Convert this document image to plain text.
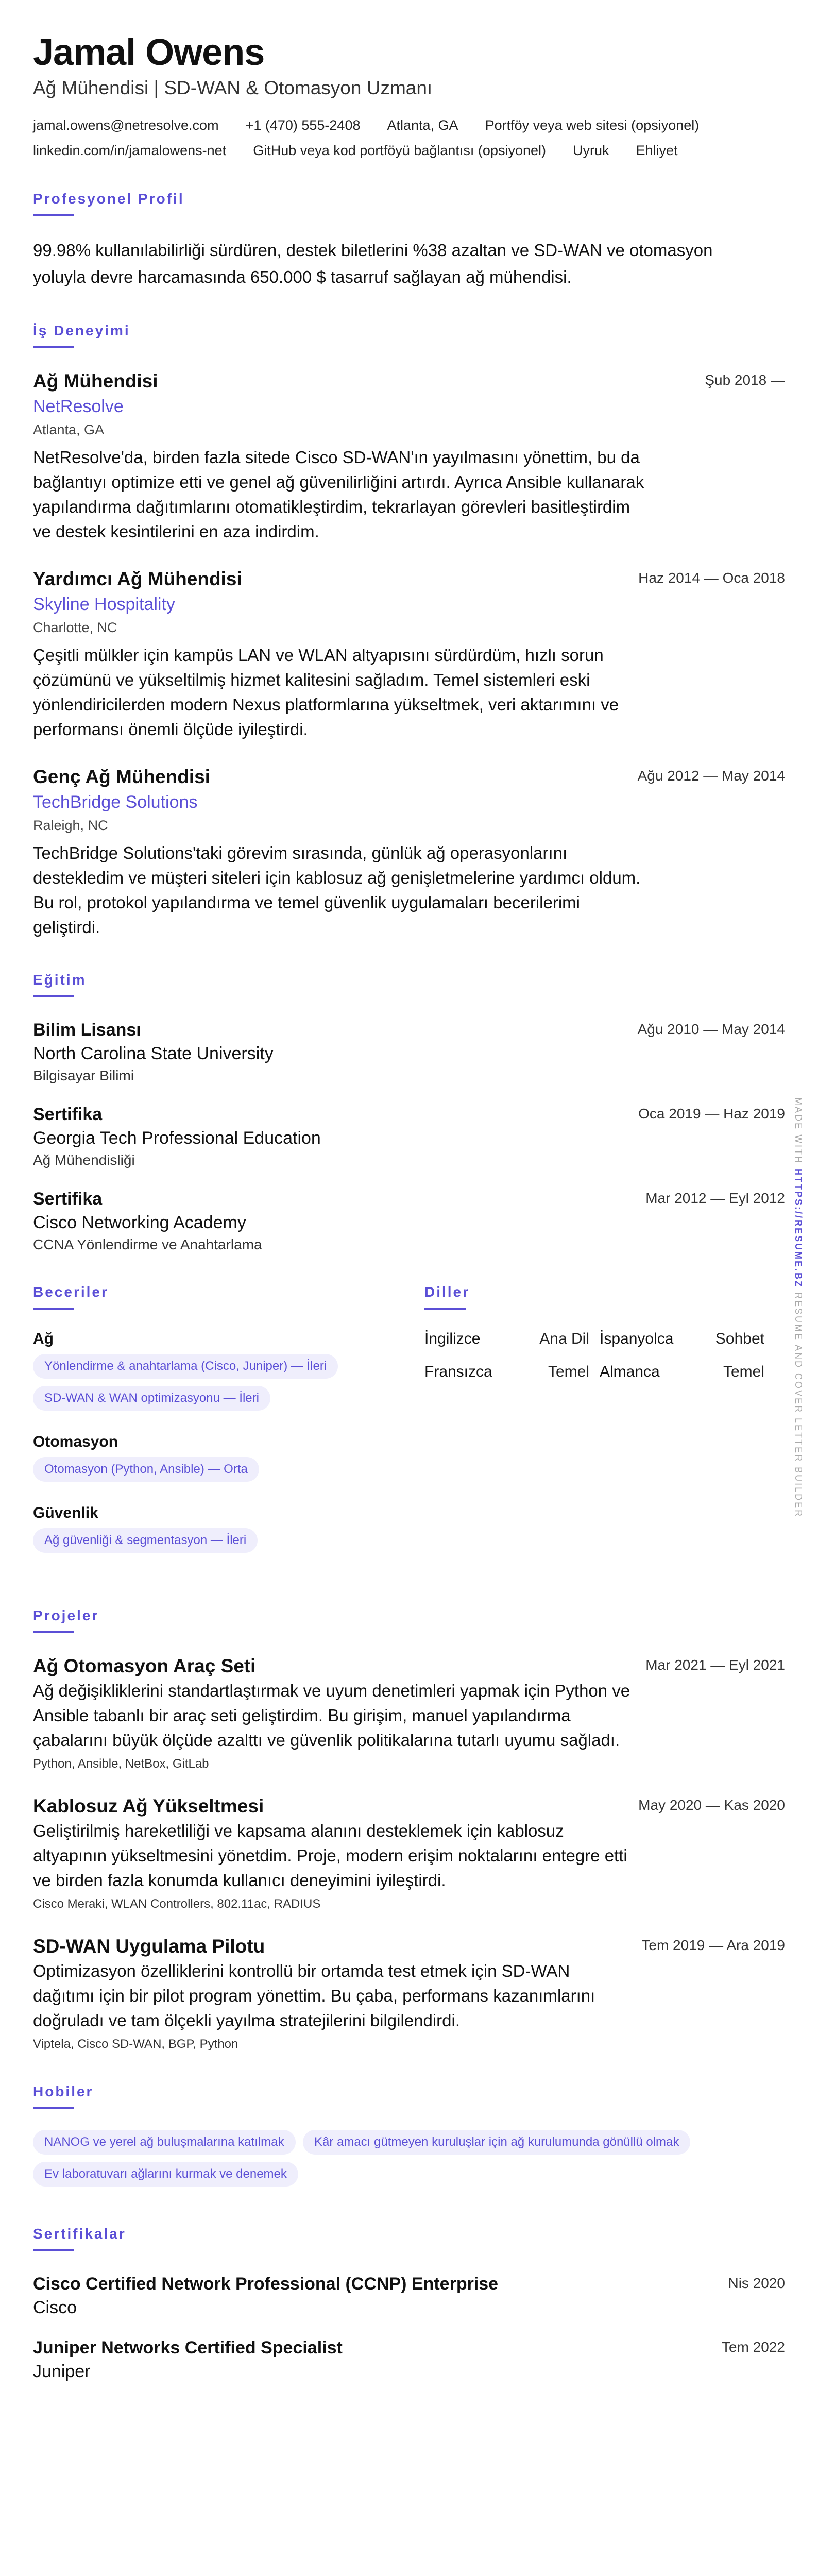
Jamal Owens
Ağ Mühendisi | SD-WAN & Otomasyon Uzmanı
jamal.owens@netresolve.com +1 (470) 555-2408 Atlanta, GA Portföy veya web sitesi (opsiyonel)
linkedin.com/in/jamalowens-net GitHub veya kod portföyü bağlantısı (opsiyonel) Uyruk Ehliyet
Profesyonel Profil

99.98% kullanılabilirliği sürdüren, destek biletlerini %38 azaltan ve SD-WAN ve otomasyon yoluyla devre harcamasında 650.000 $ tasarruf sağlayan ağ mühendisi.

İş Deneyimi
Ağ Mühendisi	Şub 2018 —
NetResolve
Atlanta, GA

NetResolve'da, birden fazla sitede Cisco SD-WAN'ın yayılmasını yönettim, bu da bağlantıyı optimize etti ve genel ağ güvenilirliğini artırdı. Ayrıca Ansible kullanarak yapılandırma dağıtımlarını otomatikleştirdim, tekrarlayan görevleri basitleştirdim ve destek kesintilerini en aza indirdim.

Yardımcı Ağ Mühendisi	Haz 2014 — Oca 2018
Skyline Hospitality
Charlotte, NC

Çeşitli mülkler için kampüs LAN ve WLAN altyapısını sürdürdüm, hızlı sorun çözümünü ve yükseltilmiş hizmet kalitesini sağladım. Temel sistemleri eski yönlendiricilerden modern Nexus platformlarına yükseltmek, veri aktarımını ve performansı önemli ölçüde iyileştirdi.

Genç Ağ Mühendisi	Ağu 2012 — May 2014
TechBridge Solutions
Raleigh, NC

TechBridge Solutions'taki görevim sırasında, günlük ağ operasyonlarını destekledim ve müşteri siteleri için kablosuz ağ genişletmelerine yardımcı oldum. Bu rol, protokol yapılandırma ve temel güvenlik uygulamaları becerilerimi geliştirdi.

Eğitim
Bilim Lisansı	Ağu 2010 — May 2014
North Carolina State University
Bilgisayar Bilimi
Sertifika	Oca 2019 — Haz 2019
Georgia Tech Professional Education
Ağ Mühendisliği
Sertifika	Mar 2012 — Eyl 2012
Cisco Networking Academy
CCNA Yönlendirme ve Anahtarlama
Beceriler
Ağ
Yönlendirme & anahtarlama (Cisco, Juniper) — İleri
SD-WAN & WAN optimizasyonu — İleri
Otomasyon
Otomasyon (Python, Ansible) — Orta
Güvenlik
Ağ güvenliği & segmentasyon — İleri
Diller
İngilizce	Ana Dil İspanyolca	Sohbet
Fransızca	Temel Almanca	Temel
Projeler
Ağ Otomasyon Araç Seti	Mar 2021 — Eyl 2021

Ağ değişikliklerini standartlaştırmak ve uyum denetimleri yapmak için Python ve Ansible tabanlı bir araç seti geliştirdim. Bu girişim, manuel yapılandırma çabalarını büyük ölçüde azalttı ve güvenlik politikalarına tutarlı uyumu sağladı.

Python, Ansible, NetBox, GitLab
Kablosuz Ağ Yükseltmesi	May 2020 — Kas 2020

Geliştirilmiş hareketliliği ve kapsama alanını desteklemek için kablosuz altyapının yükseltmesini yönetdim. Proje, modern erişim noktalarını entegre etti ve birden fazla konumda kullanıcı deneyimini iyileştirdi.

Cisco Meraki, WLAN Controllers, 802.11ac, RADIUS
SD-WAN Uygulama Pilotu	Tem 2019 — Ara 2019

Optimizasyon özelliklerini kontrollü bir ortamda test etmek için SD-WAN dağıtımı için bir pilot program yönettim. Bu çaba, performans kazanımlarını doğruladı ve tam ölçekli yayılma stratejilerini bilgilendirdi.

Viptela, Cisco SD-WAN, BGP, Python
Hobiler
NANOG ve yerel ağ buluşmalarına katılmak Kâr amacı gütmeyen kuruluşlar için ağ kurulumunda gönüllü olmak
Ev laboratuvarı ağlarını kurmak ve denemek
Sertifikalar
Cisco Certified Network Professional (CCNP) Enterprise	Nis 2020
Cisco
Juniper Networks Certified Specialist	Tem 2022
Juniper
MADE WITH HTTPS://RESUME.BZ RESUME AND COVER LETTER BUILDER
